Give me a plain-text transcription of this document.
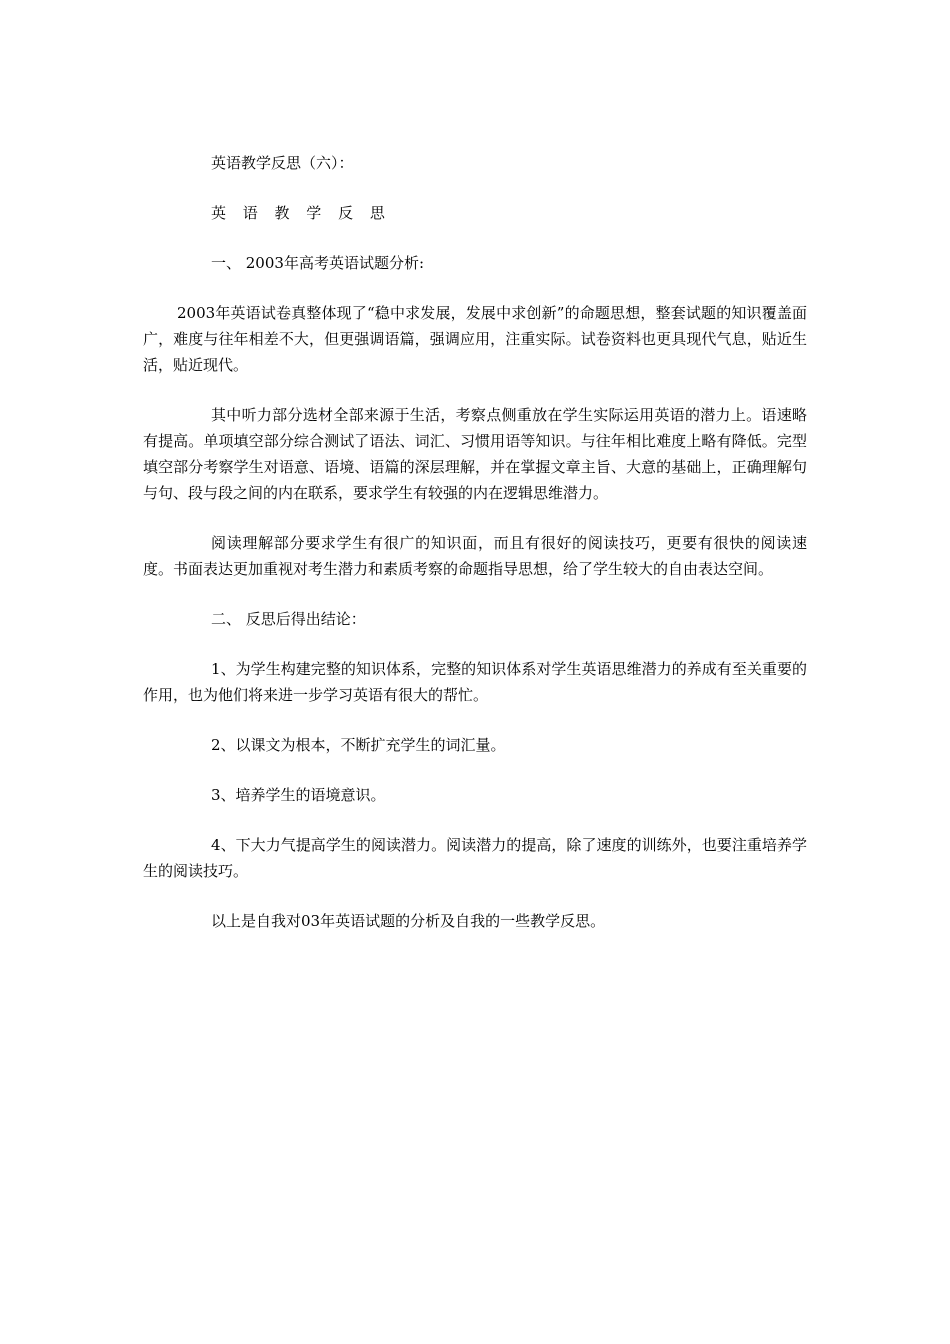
英语教学反思（六）：

英 语 教 学 反 思

一、 2003年高考英语试题分析:

2003年英语试卷真整体现了“稳中求发展，发展中求创新”的命题思想，整套试题的知识覆盖面广，难度与往年相差不大，但更强调语篇，强调应用，注重实际。试卷资料也更具现代气息，贴近生活，贴近现代。

其中听力部分选材全部来源于生活，考察点侧重放在学生实际运用英语的潜力上。语速略有提高。单项填空部分综合测试了语法、词汇、习惯用语等知识。与往年相比难度上略有降低。完型填空部分考察学生对语意、语境、语篇的深层理解，并在掌握文章主旨、大意的基础上，正确理解句与句、段与段之间的内在联系，要求学生有较强的内在逻辑思维潜力。

阅读理解部分要求学生有很广的知识面，而且有很好的阅读技巧，更要有很快的阅读速度。书面表达更加重视对考生潜力和素质考察的命题指导思想，给了学生较大的自由表达空间。

二、 反思后得出结论：

1、为学生构建完整的知识体系，完整的知识体系对学生英语思维潜力的养成有至关重要的作用，也为他们将来进一步学习英语有很大的帮忙。

2、以课文为根本，不断扩充学生的词汇量。

3、培养学生的语境意识。

4、下大力气提高学生的阅读潜力。阅读潜力的提高，除了速度的训练外，也要注重培养学生的阅读技巧。

以上是自我对03年英语试题的分析及自我的一些教学反思。
